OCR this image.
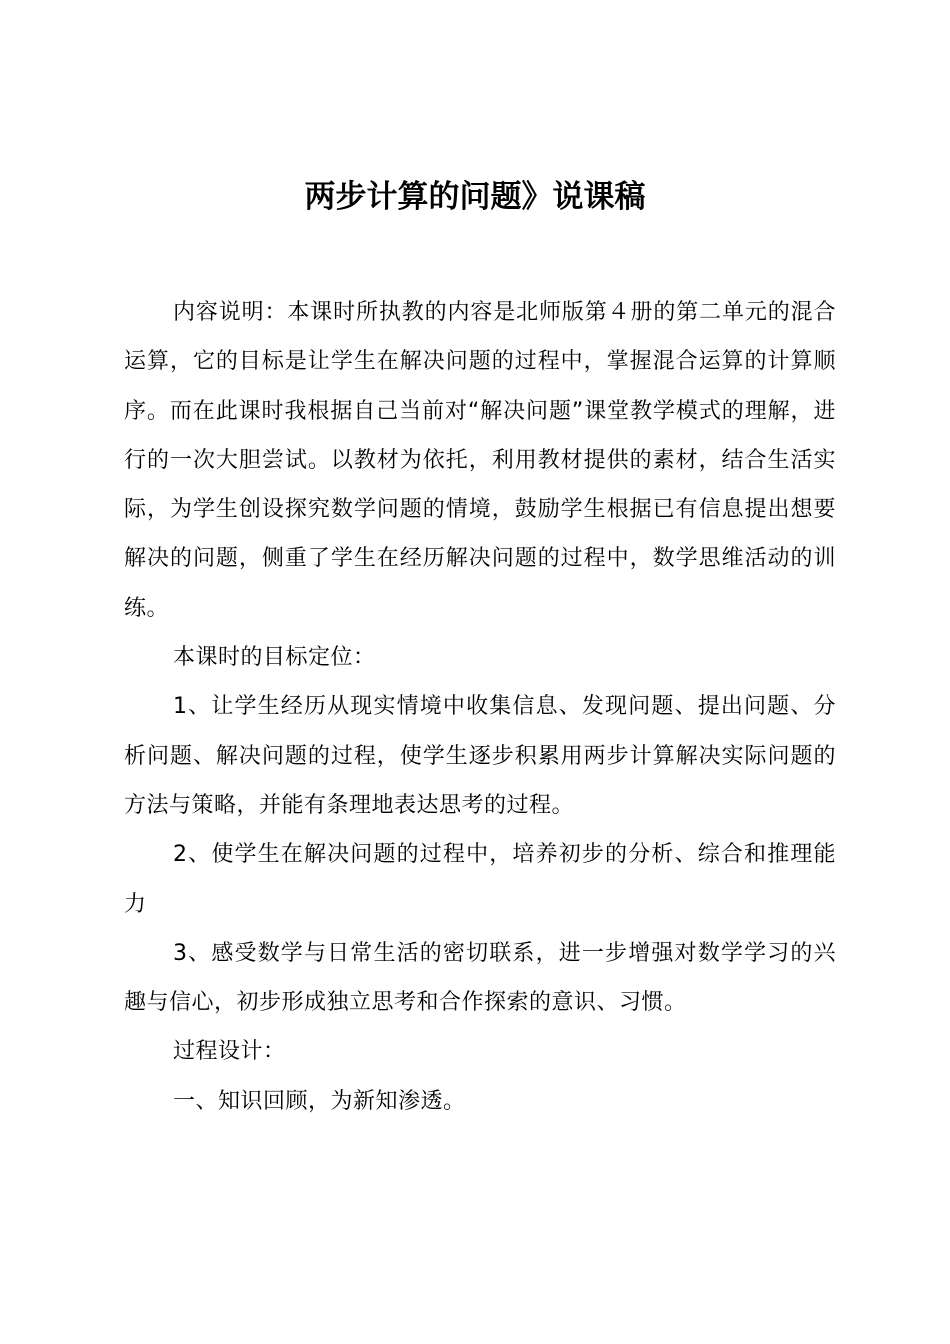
两步计算的问题》说课稿

内容说明：本课时所执教的内容是北师版第４册的第二单元的混合运算，它的目标是让学生在解决问题的过程中，掌握混合运算的计算顺序。而在此课时我根据自己当前对“解决问题”课堂教学模式的理解，进行的一次大胆尝试。以教材为依托，利用教材提供的素材，结合生活实际，为学生创设探究数学问题的情境，鼓励学生根据已有信息提出想要解决的问题，侧重了学生在经历解决问题的过程中，数学思维活动的训练。

本课时的目标定位：

1、让学生经历从现实情境中收集信息、发现问题、提出问题、分析问题、解决问题的过程，使学生逐步积累用两步计算解决实际问题的方法与策略，并能有条理地表达思考的过程。

2、使学生在解决问题的过程中，培养初步的分析、综合和推理能力

3、感受数学与日常生活的密切联系，进一步增强对数学学习的兴趣与信心，初步形成独立思考和合作探索的意识、习惯。

过程设计：

一、知识回顾，为新知渗透。
